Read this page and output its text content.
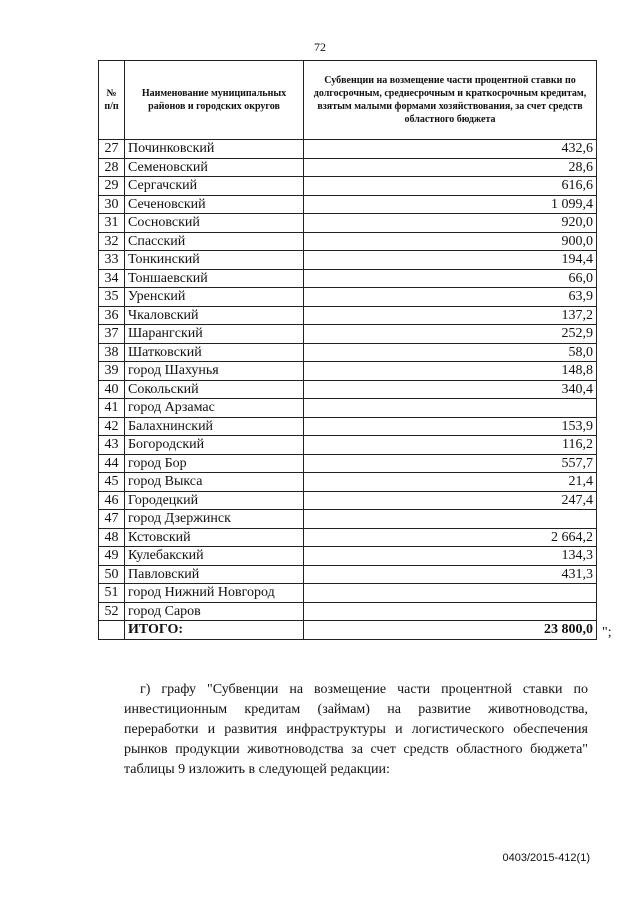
72
№ п/п	Наименование муниципальных районов и городских округов	Субвенции на возмещение части процентной ставки по долгосрочным, среднесрочным и краткосрочным кредитам, взятым малыми формами хозяйствования, за счет средств областного бюджета
27	Починковский	432,6
28	Семеновский	28,6
29	Сергачский	616,6
30	Сеченовский	1 099,4
31	Сосновский	920,0
32	Спасский	900,0
33	Тонкинский	194,4
34	Тоншаевский	66,0
35	Уренский	63,9
36	Чкаловский	137,2
37	Шарангский	252,9
38	Шатковский	58,0
39	город Шахунья	148,8
40	Сокольский	340,4
41	город Арзамас	
42	Балахнинский	153,9
43	Богородский	116,2
44	город Бор	557,7
45	город Выкса	21,4
46	Городецкий	247,4
47	город Дзержинск	
48	Кстовский	2 664,2
49	Кулебакский	134,3
50	Павловский	431,3
51	город Нижний Новгород	
52	город Саров	
	ИТОГО:	23 800,0 ";

г) графу "Субвенции на возмещение части процентной ставки по инвестиционным кредитам (займам) на развитие животноводства, переработки и развития инфраструктуры и логистического обеспечения рынков продукции животноводства за счет средств областного бюджета" таблицы 9 изложить в следующей редакции:

0403/2015-412(1)
